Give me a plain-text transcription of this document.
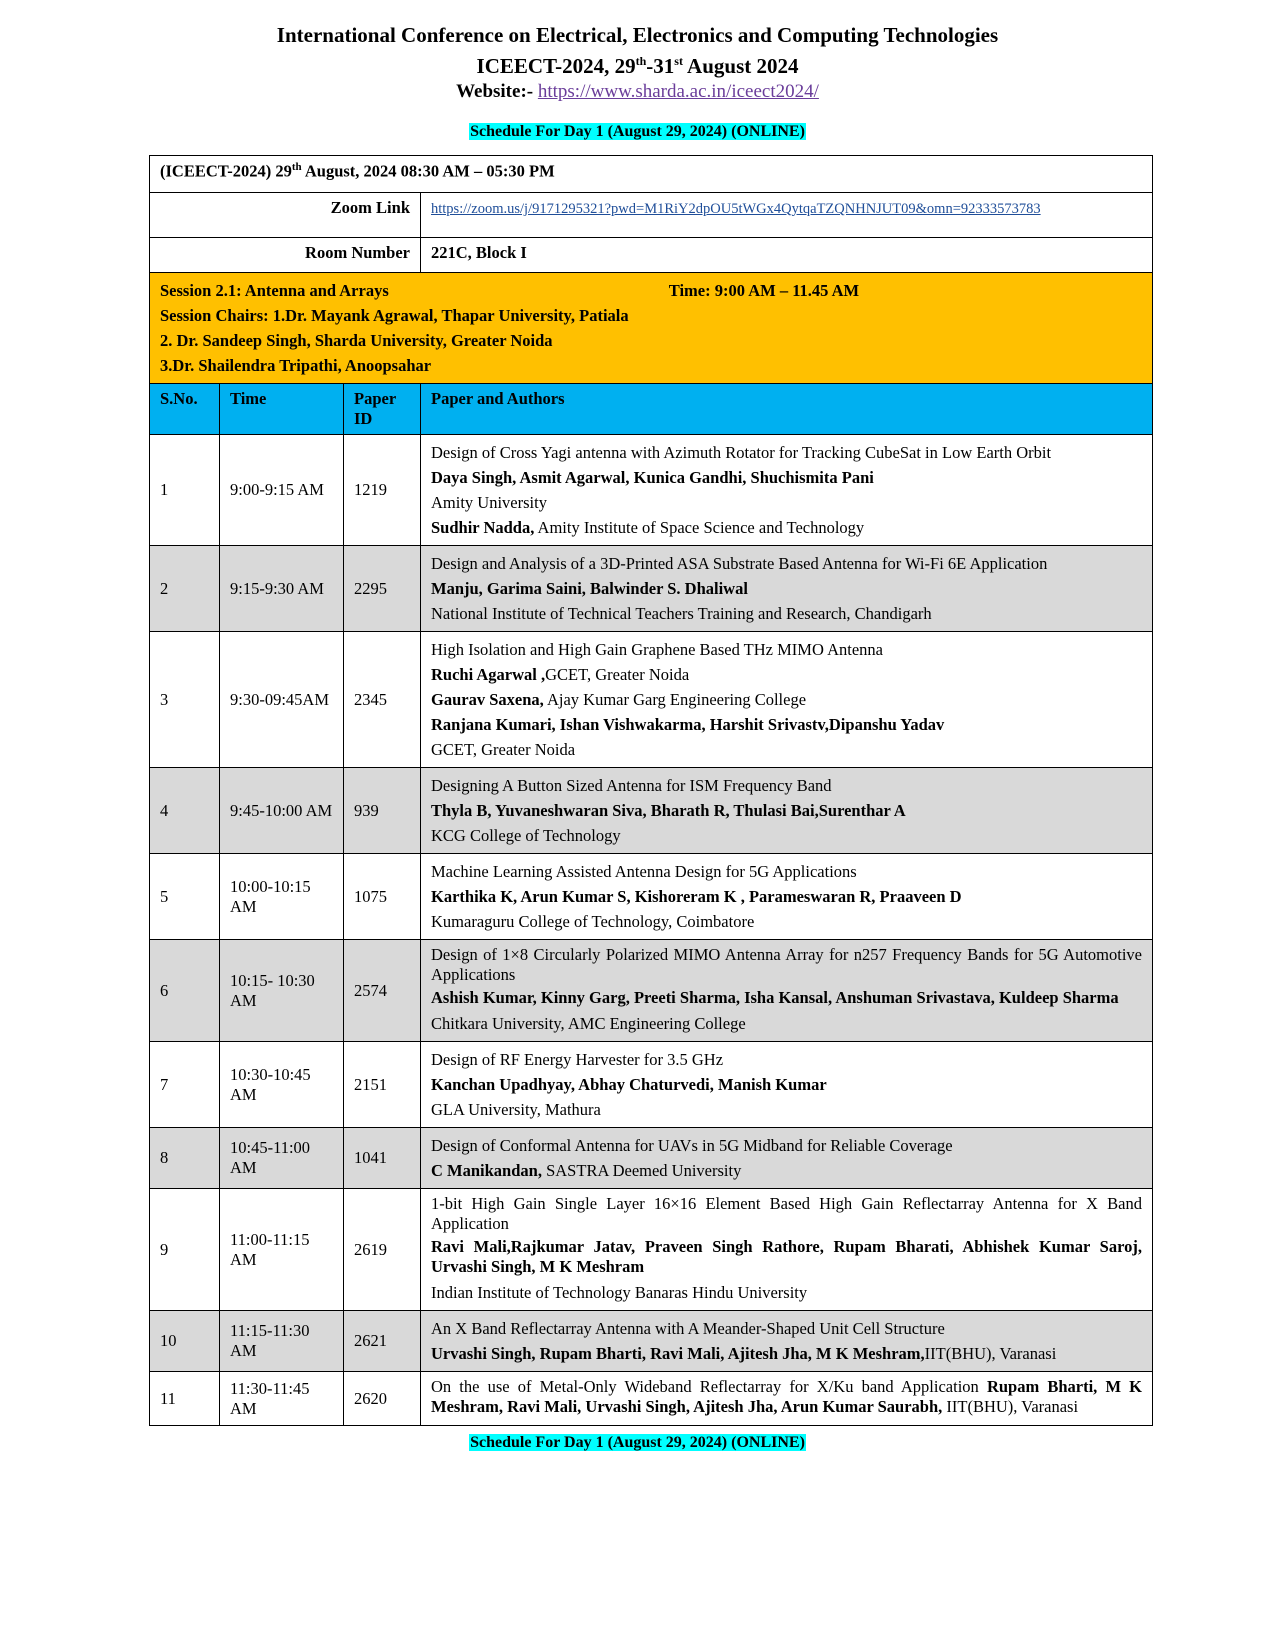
International Conference on Electrical, Electronics and Computing Technologies
ICEECT-2024, 29th-31st August 2024
Website:- https://www.sharda.ac.in/iceect2024/
Schedule For Day 1 (August 29, 2024) (ONLINE)
(ICEECT-2024) 29th August, 2024 08:30 AM – 05:30 PM			
Zoom Link			https://zoom.us/j/9171295321?pwd=M1RiY2dpOU5tWGx4QytqaTZQNHNJUT09&omn=92333573783
Room Number			221C, Block I

Session 2.1: Antenna and Arrays Time: 9:00 AM – 11.45 AM
Session Chairs: 1.Dr. Mayank Agrawal, Thapar University, Patiala
2. Dr. Sandeep Singh, Sharda University, Greater Noida
3.Dr. Shailendra Tripathi, Anoopsahar			

S.No.	Time	Paper ID	Paper and Authors
1	9:00-9:15 AM	1219	Design of Cross Yagi antenna with Azimuth Rotator for Tracking CubeSat in Low Earth Orbit
Daya Singh, Asmit Agarwal, Kunica Gandhi, Shuchismita Pani
Amity University
Sudhir Nadda, Amity Institute of Space Science and Technology

2	9:15-9:30 AM	2295	Design and Analysis of a 3D-Printed ASA Substrate Based Antenna for Wi-Fi 6E Application
Manju, Garima Saini, Balwinder S. Dhaliwal
National Institute of Technical Teachers Training and Research, Chandigarh

3	9:30-09:45AM	2345	High Isolation and High Gain Graphene Based THz MIMO Antenna
Ruchi Agarwal ,GCET, Greater Noida
Gaurav Saxena, Ajay Kumar Garg Engineering College
Ranjana Kumari, Ishan Vishwakarma, Harshit Srivastv,Dipanshu Yadav
GCET, Greater Noida

4	9:45-10:00 AM	939	Designing A Button Sized Antenna for ISM Frequency Band
Thyla B, Yuvaneshwaran Siva, Bharath R, Thulasi Bai,Surenthar A
KCG College of Technology

5	10:00-10:15 AM	1075	Machine Learning Assisted Antenna Design for 5G Applications
Karthika K, Arun Kumar S, Kishoreram K , Parameswaran R, Praaveen D
Kumaraguru College of Technology, Coimbatore

6	10:15- 10:30 AM	2574	Design of 1×8 Circularly Polarized MIMO Antenna Array for n257 Frequency Bands for 5G Automotive Applications
Ashish Kumar, Kinny Garg, Preeti Sharma, Isha Kansal, Anshuman Srivastava, Kuldeep Sharma
Chitkara University, AMC Engineering College

7	10:30-10:45 AM	2151	Design of RF Energy Harvester for 3.5 GHz
Kanchan Upadhyay, Abhay Chaturvedi, Manish Kumar
GLA University, Mathura

8	10:45-11:00 AM	1041	Design of Conformal Antenna for UAVs in 5G Midband for Reliable Coverage
C Manikandan, SASTRA Deemed University

9	11:00-11:15 AM	2619	1-bit High Gain Single Layer 16×16 Element Based High Gain Reflectarray Antenna for X Band Application
Ravi Mali,Rajkumar Jatav, Praveen Singh Rathore, Rupam Bharati, Abhishek Kumar Saroj, Urvashi Singh, M K Meshram
Indian Institute of Technology Banaras Hindu University

10	11:15-11:30 AM	2621	An X Band Reflectarray Antenna with A Meander-Shaped Unit Cell Structure
Urvashi Singh, Rupam Bharti, Ravi Mali, Ajitesh Jha, M K Meshram,IIT(BHU), Varanasi

11	11:30-11:45 AM	2620	On the use of Metal-Only Wideband Reflectarray for X/Ku band Application Rupam Bharti, M K Meshram, Ravi Mali, Urvashi Singh, Ajitesh Jha, Arun Kumar Saurabh, IIT(BHU), Varanasi
Schedule For Day 1 (August 29, 2024) (ONLINE)
